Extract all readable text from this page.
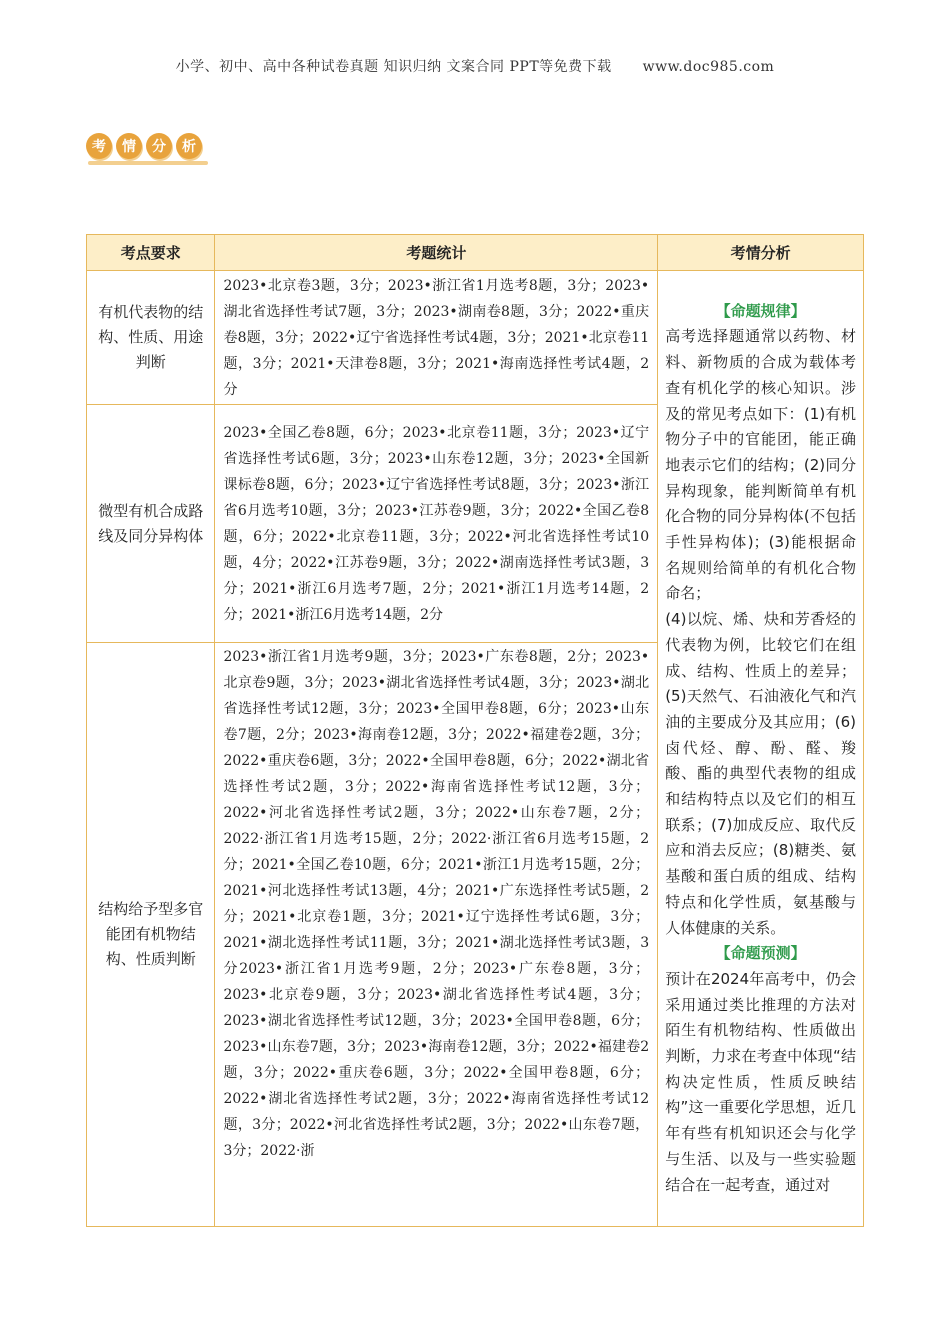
小学、初中、高中各种试卷真题 知识归纳 文案合同 PPT等免费下载 www.doc985.com
考	情	分	析
考点要求	考题统计	考情分析
有机代表物的结构、性质、用途判断	2023•北京卷3题，3分；2023•浙江省1月选考8题，3分；2023•湖北省选择性考试7题，3分；2023•湖南卷8题，3分；2022•重庆卷8题，3分；2022•辽宁省选择性考试4题，3分；2021•北京卷11题，3分；2021•天津卷8题，3分；2021•海南选择性考试4题，2分	【命题规律】
高考选择题通常以药物、材料、新物质的合成为载体考查有机化学的核心知识。涉及的常见考点如下：(1)有机物分子中的官能团，能正确地表示它们的结构；(2)同分异构现象，能判断简单有机化合物的同分异构体(不包括手性异构体)；(3)能根据命名规则给简单的有机化合物命名；
(4)以烷、烯、炔和芳香烃的代表物为例，比较它们在组成、结构、性质上的差异；(5)天然气、石油液化气和汽油的主要成分及其应用；(6)卤代烃、醇、酚、醛、羧酸、酯的典型代表物的组成和结构特点以及它们的相互联系；(7)加成反应、取代反应和消去反应；(8)糖类、氨基酸和蛋白质的组成、结构特点和化学性质，氨基酸与人体健康的关系。
【命题预测】
预计在2024年高考中，仍会采用通过类比推理的方法对陌生有机物结构、性质做出判断，力求在考查中体现“结构决定性质，性质反映结构”这一重要化学思想，近几年有些有机知识还会与化学与生活、以及与一些实验题结合在一起考查，通过对

微型有机合成路线及同分异构体	2023•全国乙卷8题，6分；2023•北京卷11题，3分；2023•辽宁省选择性考试6题，3分；2023•山东卷12题，3分；2023•全国新课标卷8题，6分；2023•辽宁省选择性考试8题，3分；2023•浙江省6月选考10题，3分；2023•江苏卷9题，3分；2022•全国乙卷8题，6分；2022•北京卷11题，3分；2022•河北省选择性考试10题，4分；2022•江苏卷9题，3分；2022•湖南选择性考试3题，3分；2021•浙江6月选考7题，2分；2021•浙江1月选考14题，2分；2021•浙江6月选考14题，2分	
结构给予型多官能团有机物结构、性质判断	2023•浙江省1月选考9题，3分；2023•广东卷8题，2分；2023•北京卷9题，3分；2023•湖北省选择性考试4题，3分；2023•湖北省选择性考试12题，3分；2023•全国甲卷8题，6分；2023•山东卷7题，2分；2023•海南卷12题，3分；2022•福建卷2题，3分；2022•重庆卷6题，3分；2022•全国甲卷8题，6分；2022•湖北省选择性考试2题，3分；2022•海南省选择性考试12题，3分；2022•河北省选择性考试2题，3分；2022•山东卷7题，2分；2022·浙江省1月选考15题，2分；2022·浙江省6月选考15题，2分；2021•全国乙卷10题，6分；2021•浙江1月选考15题，2分；2021•河北选择性考试13题，4分；2021•广东选择性考试5题，2分；2021•北京卷1题，3分；2021•辽宁选择性考试6题，3分；2021•湖北选择性考试11题，3分；2021•湖北选择性考试3题，3分2023•浙江省1月选考9题，2分；2023•广东卷8题，3分；2023•北京卷9题，3分；2023•湖北省选择性考试4题，3分；2023•湖北省选择性考试12题，3分；2023•全国甲卷8题，6分；2023•山东卷7题，3分；2023•海南卷12题，3分；2022•福建卷2题，3分；2022•重庆卷6题，3分；2022•全国甲卷8题，6分；2022•湖北省选择性考试2题，3分；2022•海南省选择性考试12题，3分；2022•河北省选择性考试2题，3分；2022•山东卷7题，3分；2022·浙	
